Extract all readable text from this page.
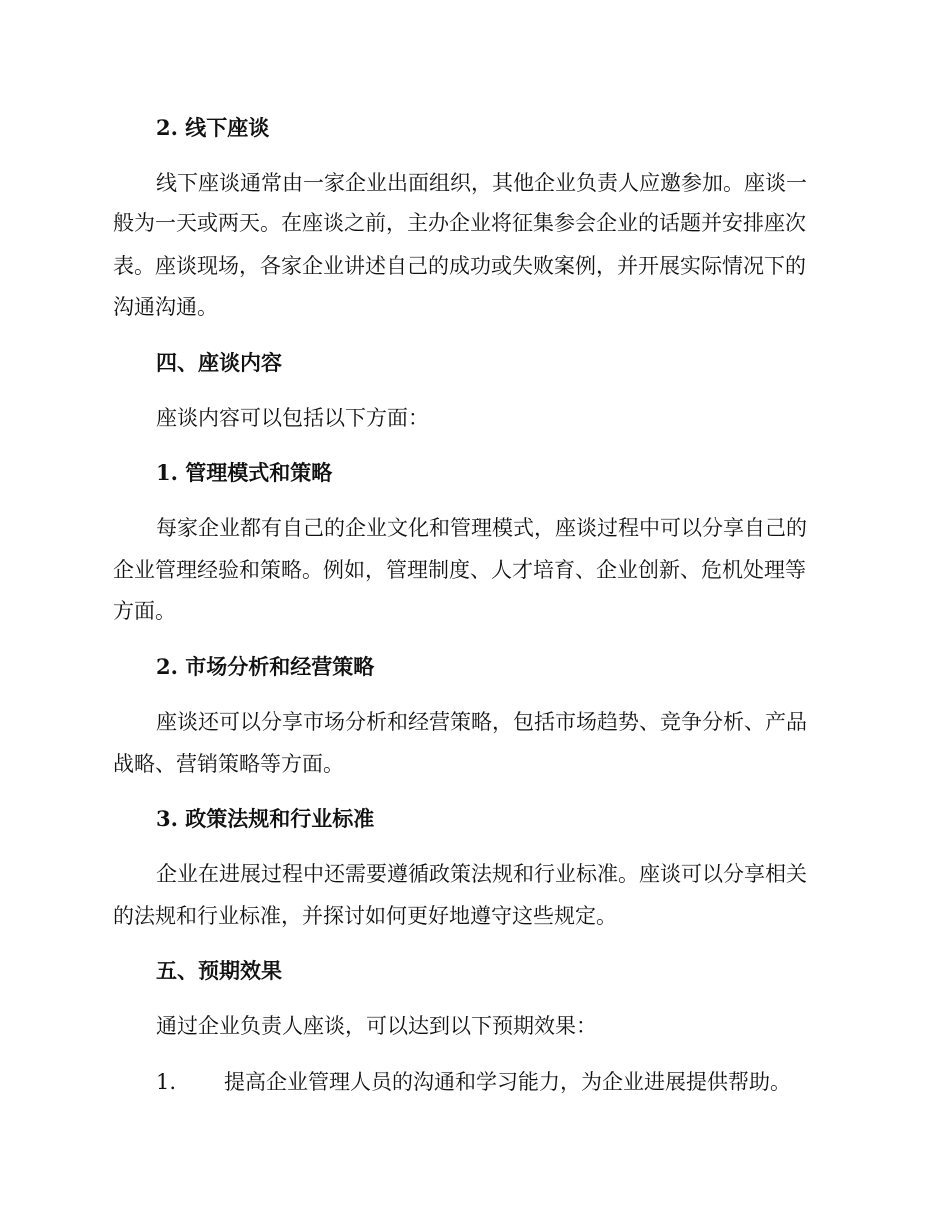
2. 线下座谈
线下座谈通常由一家企业出面组织，其他企业负责人应邀参加。座谈一
般为一天或两天。在座谈之前，主办企业将征集参会企业的话题并安排座次
表。座谈现场，各家企业讲述自己的成功或失败案例，并开展实际情况下的
沟通沟通。
四、座谈内容
座谈内容可以包括以下方面：
1. 管理模式和策略
每家企业都有自己的企业文化和管理模式，座谈过程中可以分享自己的
企业管理经验和策略。例如，管理制度、人才培育、企业创新、危机处理等
方面。
2. 市场分析和经营策略
座谈还可以分享市场分析和经营策略，包括市场趋势、竞争分析、产品
战略、营销策略等方面。
3. 政策法规和行业标准
企业在进展过程中还需要遵循政策法规和行业标准。座谈可以分享相关
的法规和行业标准，并探讨如何更好地遵守这些规定。
五、预期效果
通过企业负责人座谈，可以达到以下预期效果：
1. 提高企业管理人员的沟通和学习能力，为企业进展提供帮助。
